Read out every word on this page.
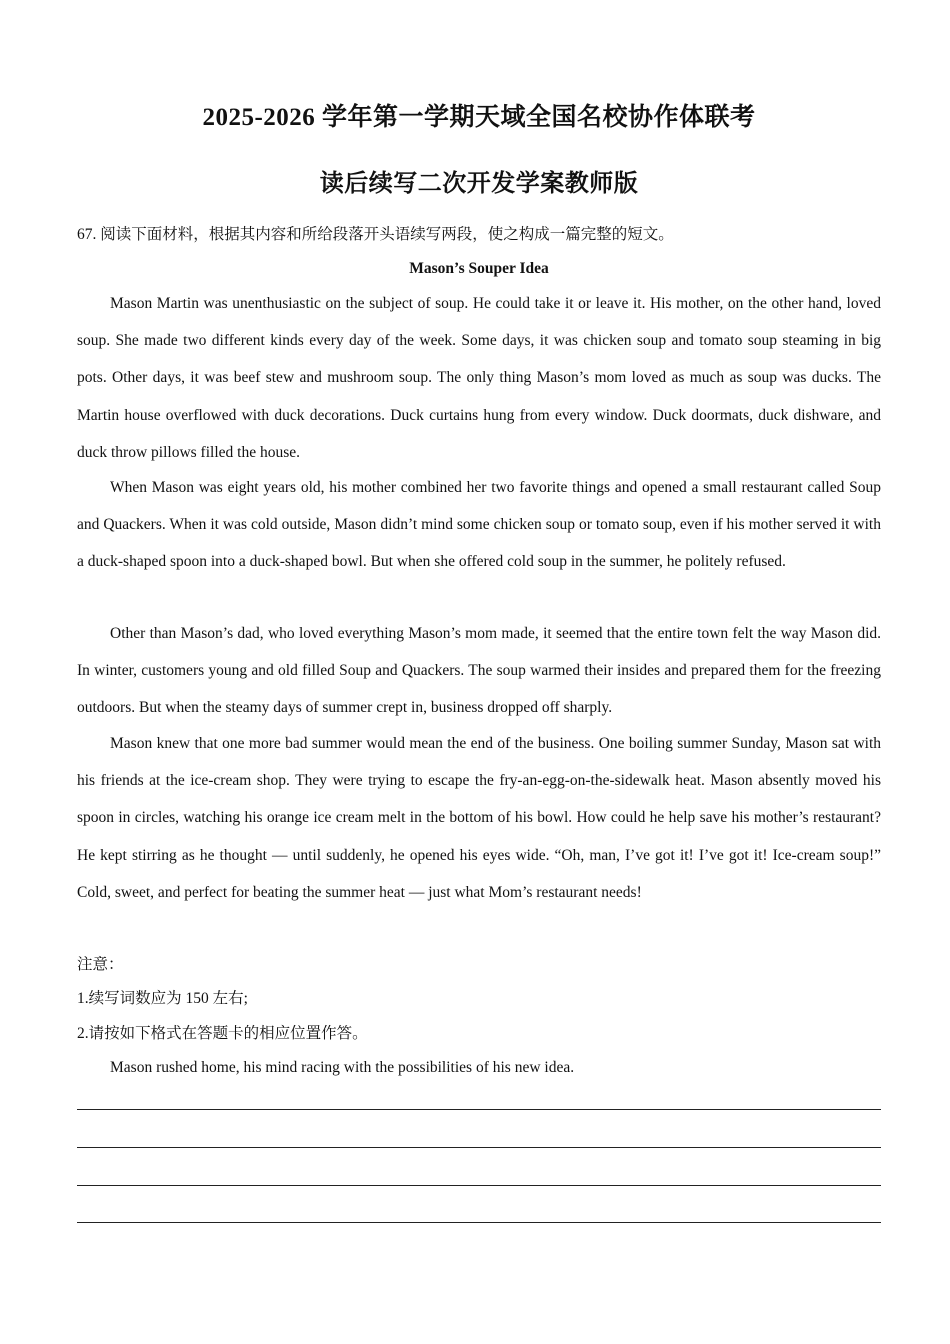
2025-2026 学年第一学期天域全国名校协作体联考
读后续写二次开发学案教师版
67. 阅读下面材料，根据其内容和所给段落开头语续写两段，使之构成一篇完整的短文。
Mason’s Souper Idea

Mason Martin was unenthusiastic on the subject of soup. He could take it or leave it. His mother, on the other hand, loved soup. She made two different kinds every day of the week. Some days, it was chicken soup and tomato soup steaming in big pots. Other days, it was beef stew and mushroom soup. The only thing Mason’s mom loved as much as soup was ducks. The Martin house overflowed with duck decorations. Duck curtains hung from every window. Duck doormats, duck dishware, and duck throw pillows filled the house.

When Mason was eight years old, his mother combined her two favorite things and opened a small restaurant called Soup and Quackers. When it was cold outside, Mason didn’t mind some chicken soup or tomato soup, even if his mother served it with a duck-shaped spoon into a duck-shaped bowl. But when she offered cold soup in the summer, he politely refused.

Other than Mason’s dad, who loved everything Mason’s mom made, it seemed that the entire town felt the way Mason did. In winter, customers young and old filled Soup and Quackers. The soup warmed their insides and prepared them for the freezing outdoors. But when the steamy days of summer crept in, business dropped off sharply.

Mason knew that one more bad summer would mean the end of the business. One boiling summer Sunday, Mason sat with his friends at the ice-cream shop. They were trying to escape the fry-an-egg-on-the-sidewalk heat. Mason absently moved his spoon in circles, watching his orange ice cream melt in the bottom of his bowl. How could he help save his mother’s restaurant? He kept stirring as he thought — until suddenly, he opened his eyes wide. “Oh, man, I’ve got it! I’ve got it! Ice-cream soup!” Cold, sweet, and perfect for beating the summer heat — just what Mom’s restaurant needs!

注意：
1.续写词数应为 150 左右;
2.请按如下格式在答题卡的相应位置作答。
Mason rushed home, his mind racing with the possibilities of his new idea.
